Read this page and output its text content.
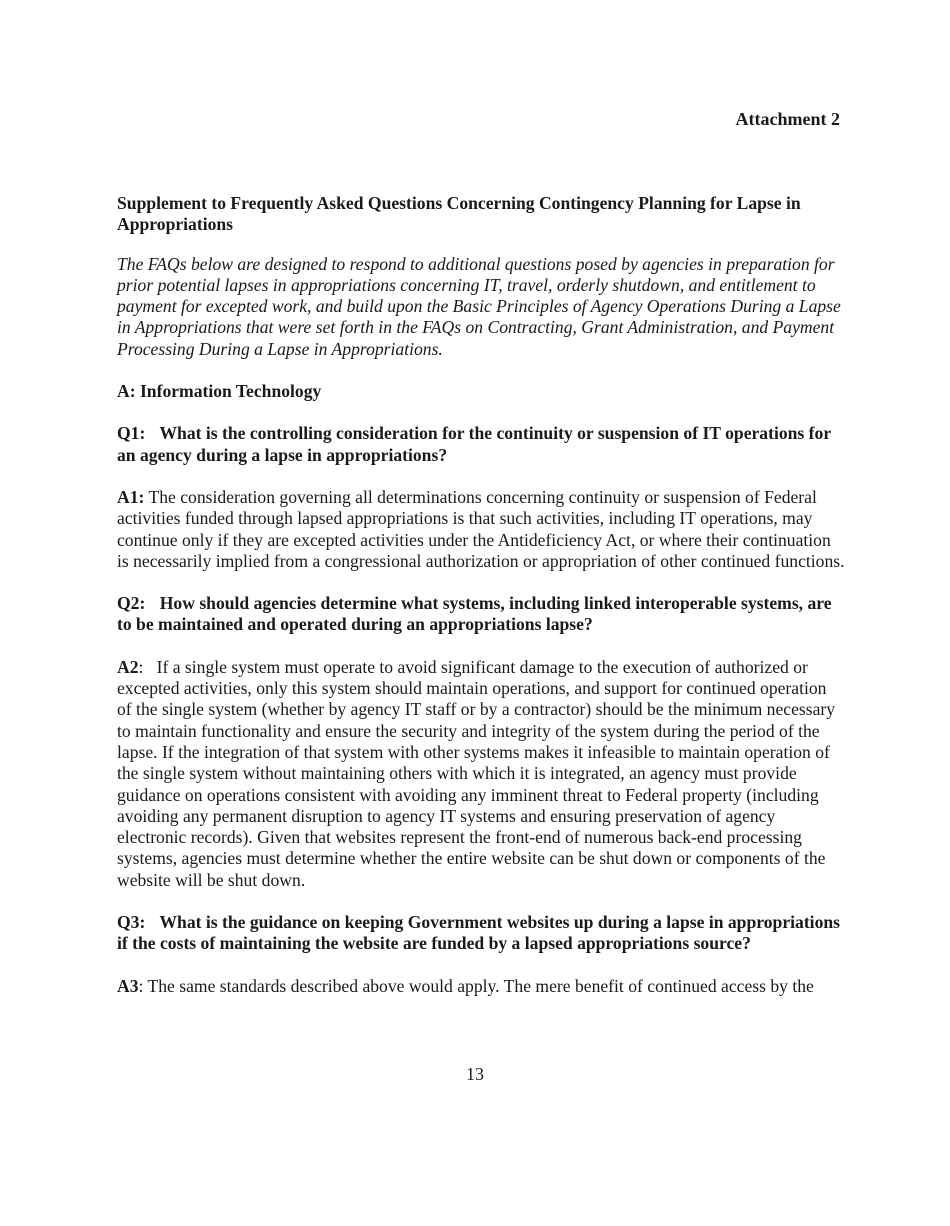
Attachment 2

Supplement to Frequently Asked Questions Concerning Contingency Planning for Lapse in Appropriations

The FAQs below are designed to respond to additional questions posed by agencies in preparation for prior potential lapses in appropriations concerning IT, travel, orderly shutdown, and entitlement to payment for excepted work, and build upon the Basic Principles of Agency Operations During a Lapse in Appropriations that were set forth in the FAQs on Contracting, Grant Administration, and Payment Processing During a Lapse in Appropriations.

A: Information Technology

Q1: What is the controlling consideration for the continuity or suspension of IT operations for an agency during a lapse in appropriations?

A1: The consideration governing all determinations concerning continuity or suspension of Federal activities funded through lapsed appropriations is that such activities, including IT operations, may continue only if they are excepted activities under the Antideficiency Act, or where their continuation is necessarily implied from a congressional authorization or appropriation of other continued functions.

Q2: How should agencies determine what systems, including linked interoperable systems, are to be maintained and operated during an appropriations lapse?

A2:   If a single system must operate to avoid significant damage to the execution of authorized or excepted activities, only this system should maintain operations, and support for continued operation of the single system (whether by agency IT staff or by a contractor) should be the minimum necessary to maintain functionality and ensure the security and integrity of the system during the period of the lapse. If the integration of that system with other systems makes it infeasible to maintain operation of the single system without maintaining others with which it is integrated, an agency must provide guidance on operations consistent with avoiding any imminent threat to Federal property (including avoiding any permanent disruption to agency IT systems and ensuring preservation of agency electronic records). Given that websites represent the front-end of numerous back-end processing systems, agencies must determine whether the entire website can be shut down or components of the website will be shut down.

Q3: What is the guidance on keeping Government websites up during a lapse in appropriations if the costs of maintaining the website are funded by a lapsed appropriations source?

A3: The same standards described above would apply. The mere benefit of continued access by the

13
